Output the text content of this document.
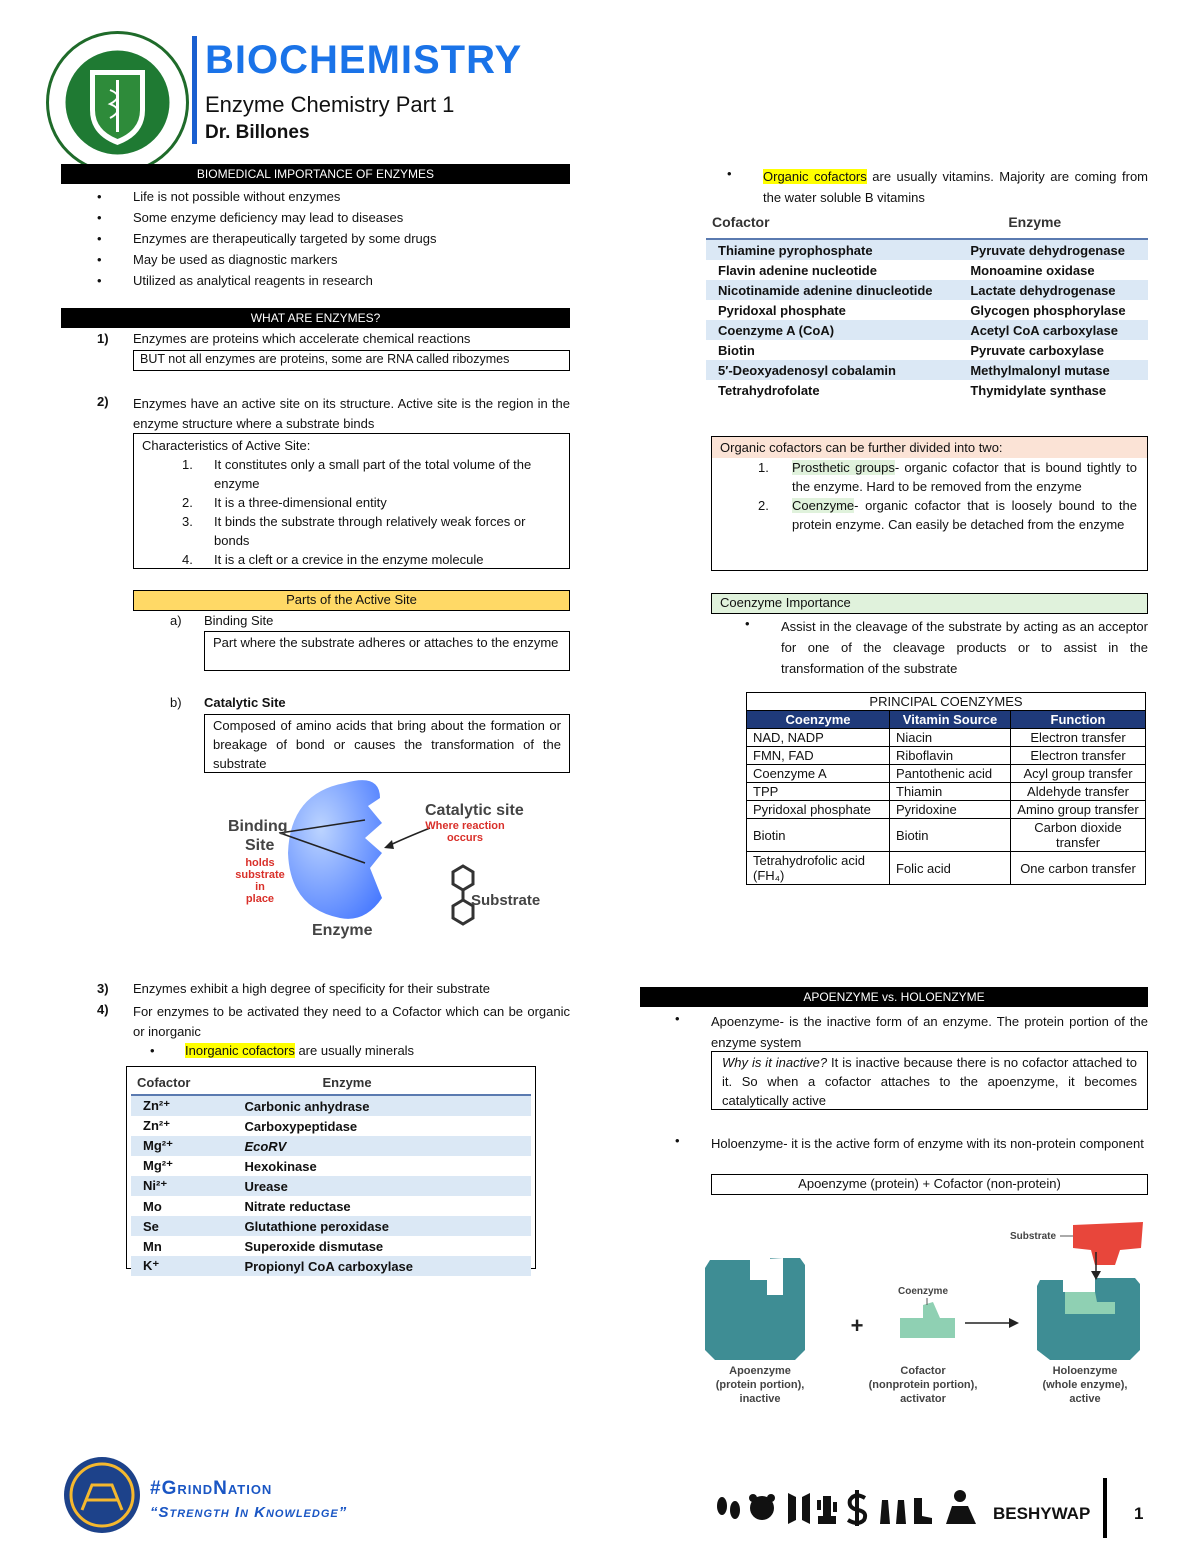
BIOCHEMISTRY
Enzyme Chemistry Part 1
Dr. Billones
BIOMEDICAL IMPORTANCE OF ENZYMES
• Life is not possible without enzymes
• Some enzyme deficiency may lead to diseases
• Enzymes are therapeutically targeted by some drugs
• May be used as diagnostic markers
• Utilized as analytical reagents in research
WHAT ARE ENZYMES?
1) Enzymes are proteins which accelerate chemical reactions
BUT not all enzymes are proteins, some are RNA called ribozymes
2) Enzymes have an active site on its structure. Active site is the region in the enzyme structure where a substrate binds
Characteristics of Active Site:
1. It constitutes only a small part of the total volume of the enzyme
2. It is a three-dimensional entity
3. It binds the substrate through relatively weak forces or bonds
4. It is a cleft or a crevice in the enzyme molecule
Parts of the Active Site
a) Binding Site
Part where the substrate adheres or attaches to the enzyme
b) Catalytic Site
Composed of amino acids that bring about the formation or breakage of bond or causes the transformation of the substrate
Binding
Site
holds
substrate
in
place
Catalytic site
Where reaction
occurs
Enzyme
Substrate
3) Enzymes exhibit a high degree of specificity for their substrate
4) For enzymes to be activated they need to a Cofactor which can be organic or inorganic
• Inorganic cofactors are usually minerals
Cofactor	Enzyme
Zn²⁺	Carbonic anhydrase
Zn²⁺	Carboxypeptidase
Mg²⁺	EcoRV
Mg²⁺	Hexokinase
Ni²⁺	Urease
Mo	Nitrate reductase
Se	Glutathione peroxidase
Mn	Superoxide dismutase
K⁺	Propionyl CoA carboxylase
• Organic cofactors are usually vitamins. Majority are coming from the water soluble B vitamins
Cofactor	Enzyme
Thiamine pyrophosphate	Pyruvate dehydrogenase
Flavin adenine nucleotide	Monoamine oxidase
Nicotinamide adenine dinucleotide	Lactate dehydrogenase
Pyridoxal phosphate	Glycogen phosphorylase
Coenzyme A (CoA)	Acetyl CoA carboxylase
Biotin	Pyruvate carboxylase
5′-Deoxyadenosyl cobalamin	Methylmalonyl mutase
Tetrahydrofolate	Thymidylate synthase
Organic cofactors can be further divided into two:
1. Prosthetic groups- organic cofactor that is bound tightly to the enzyme. Hard to be removed from the enzyme
2. Coenzyme- organic cofactor that is loosely bound to the protein enzyme. Can easily be detached from the enzyme
Coenzyme Importance
• Assist in the cleavage of the substrate by acting as an acceptor for one of the cleavage products or to assist in the transformation of the substrate
PRINCIPAL COENZYMES		
Coenzyme	Vitamin Source	Function
NAD, NADP	Niacin	Electron transfer
FMN, FAD	Riboflavin	Electron transfer
Coenzyme A	Pantothenic acid	Acyl group transfer
TPP	Thiamin	Aldehyde transfer
Pyridoxal phosphate	Pyridoxine	Amino group transfer
Biotin	Biotin	Carbon dioxide transfer
Tetrahydrofolic acid (FH₄)	Folic acid	One carbon transfer
APOENZYME vs. HOLOENZYME
• Apoenzyme- is the inactive form of an enzyme. The protein portion of the enzyme system
Why is it inactive? It is inactive because there is no cofactor attached to it. So when a cofactor attaches to the apoenzyme, it becomes catalytically active
• Holoenzyme- it is the active form of enzyme with its non-protein component
Apoenzyme (protein) + Cofactor (non-protein)
+
Coenzyme
Substrate
Apoenzyme
(protein portion),
inactive
Cofactor
(nonprotein portion),
activator
Holoenzyme
(whole enzyme),
active
#GrindNation
“Strength In Knowledge”	BESHYWAP	1
